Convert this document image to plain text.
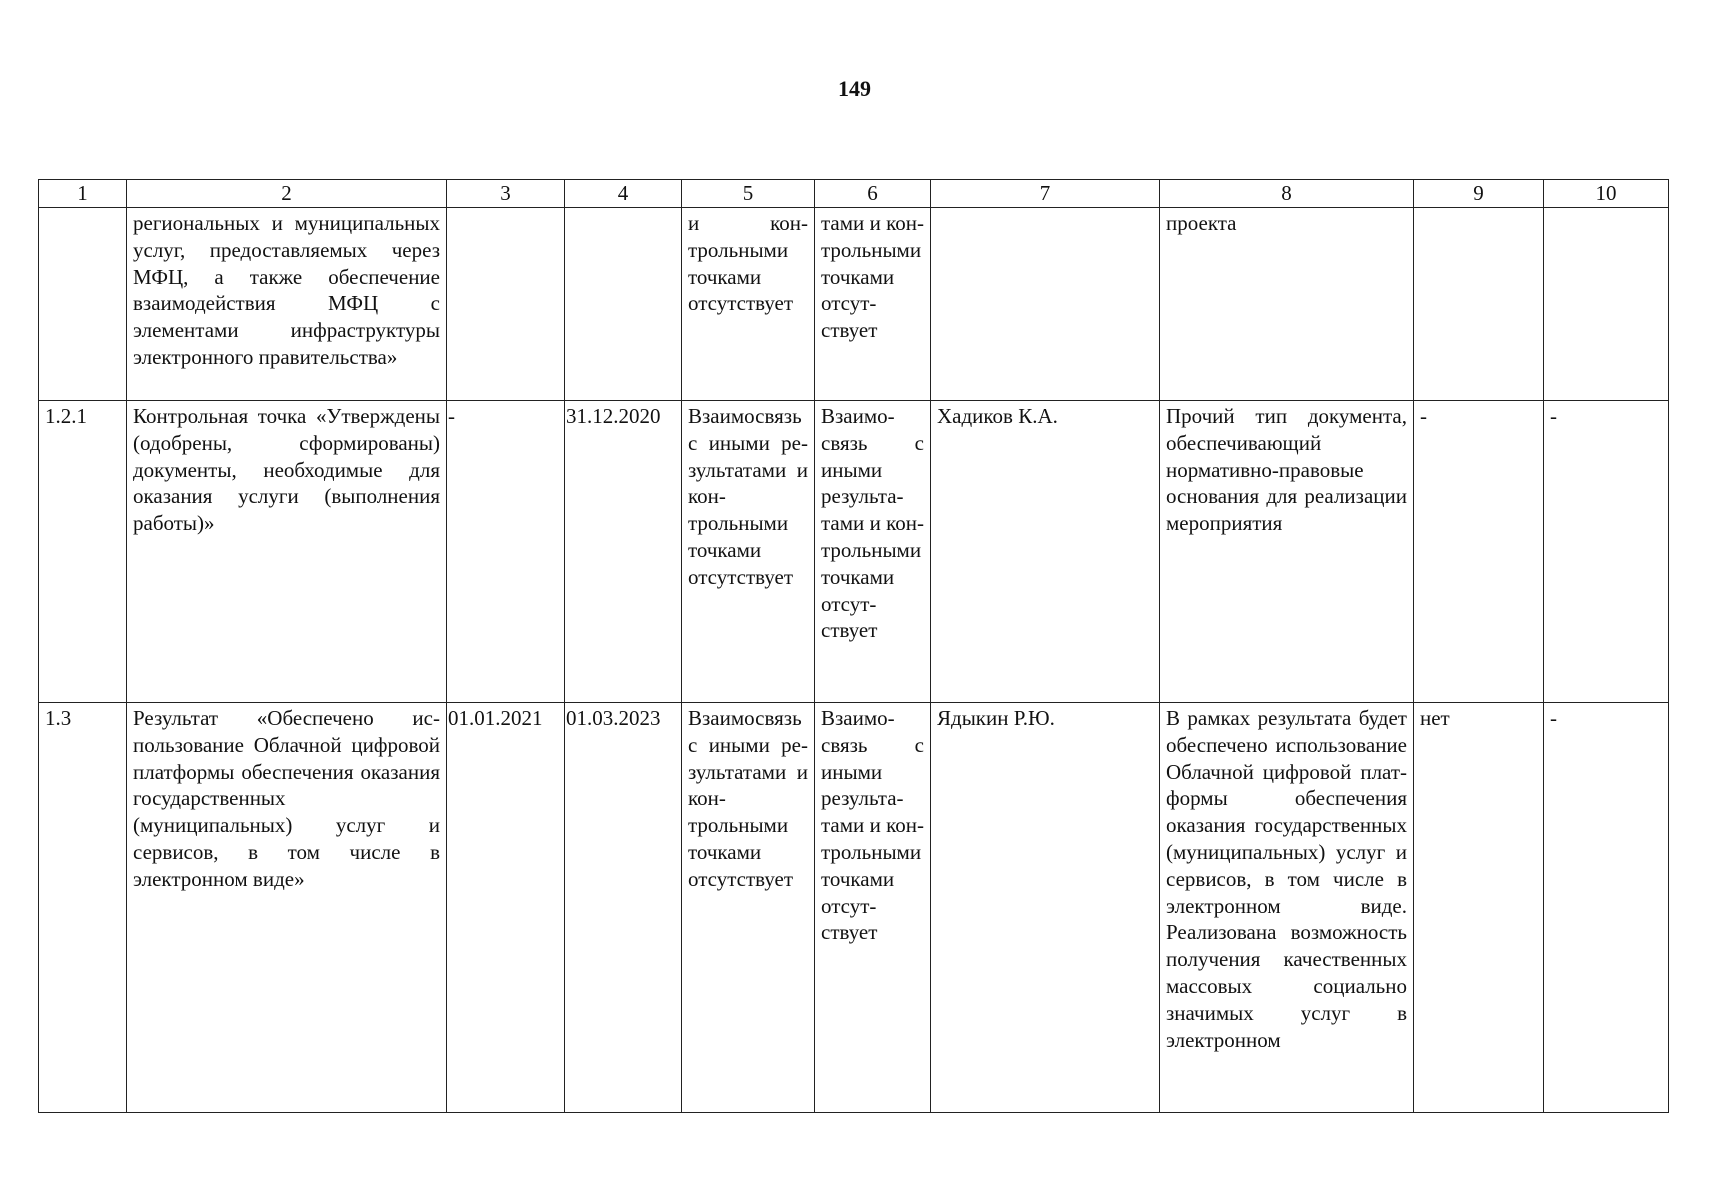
149
1	2	3	4	5	6	7	8	9	10
	региональных и муниципальных услуг, предоставляемых через МФЦ, а также обеспечение взаимодействия МФЦ с элементами инфраструктуры электронного правительства»			и контрольными точками отсутствует	тами и контрольными точками отсутствует		проекта		
1.2.1	Контрольная точка «Утверждены (одобрены, сформированы) документы, необходимые для оказания услуги (выполнения работы)»	-	31.12.2020	Взаимосвязь с иными результатами и контрольными точками отсутствует	Взаимосвязь с иными результатами и контрольными точками отсутствует	Хадиков К.А.	Прочий тип документа, обеспечивающий нормативно-правовые основания для реализации мероприятия	-	-
1.3	Результат «Обеспечено использование Облачной цифровой платформы обеспечения оказания государственных (муниципальных) услуг и сервисов, в том числе в электронном виде»	01.01.2021	01.03.2023	Взаимосвязь с иными результатами и контрольными точками отсутствует	Взаимосвязь с иными результатами и контрольными точками отсутствует	Ядыкин Р.Ю.	В рамках результата будет обеспечено использование Облачной цифровой платформы обеспечения оказания государственных (муниципальных) услуг и сервисов, в том числе в электронном виде. Реализована возможность получения качественных массовых социально значимых услуг в электронном	нет	-
